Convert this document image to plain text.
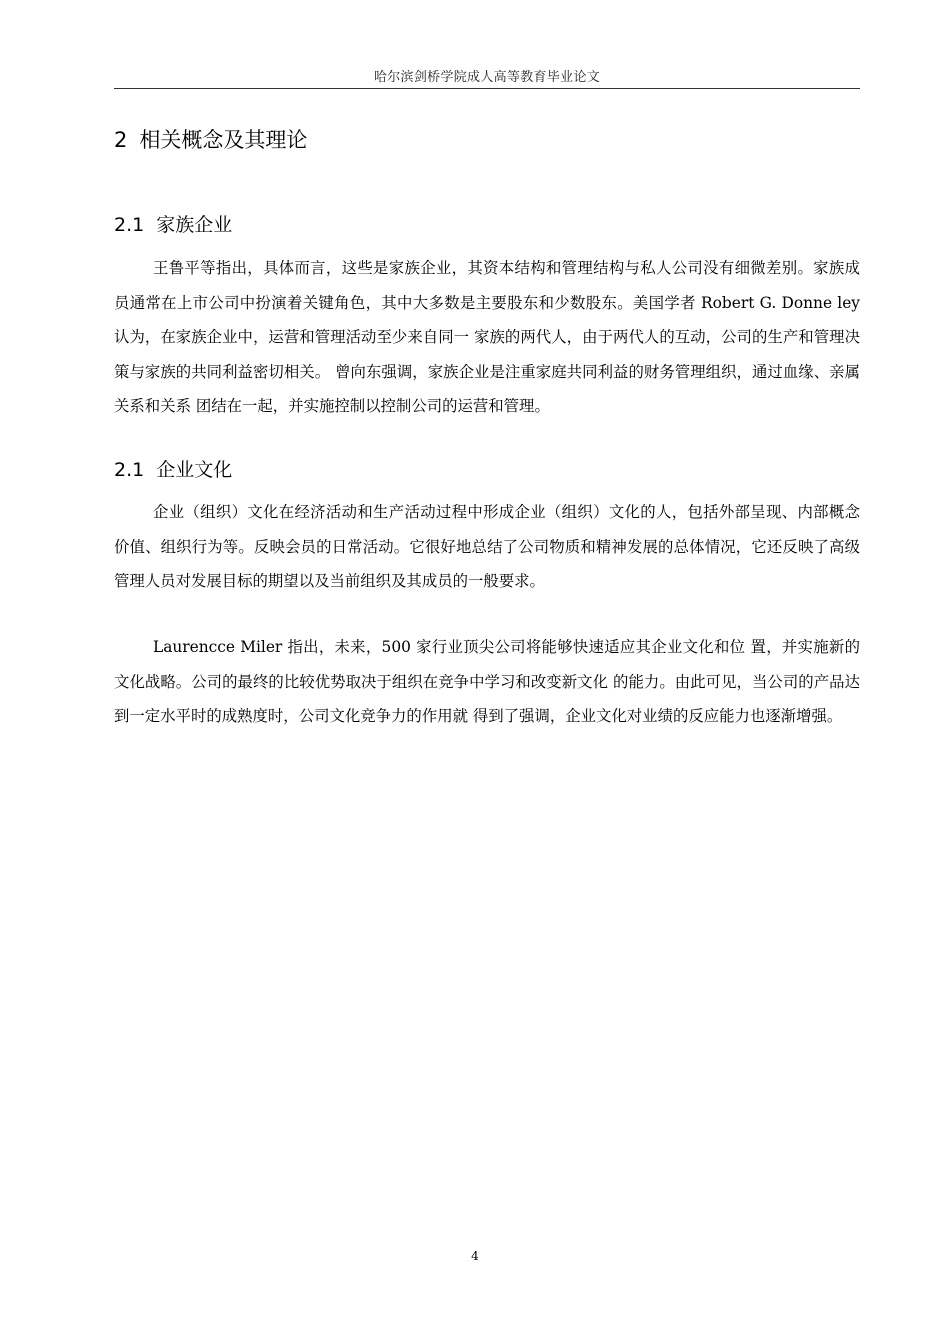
哈尔滨剑桥学院成人高等教育毕业论文
2 相关概念及其理论
2.1 家族企业

王鲁平等指出，具体而言，这些是家族企业，其资本结构和管理结构与私人公司没有细微差别。家族成员通常在上市公司中扮演着关键角色，其中大多数是主要股东和少数股东。美国学者 Robert G. Donne ley 认为，在家族企业中，运营和管理活动至少来自同一 家族的两代人，由于两代人的互动，公司的生产和管理决策与家族的共同利益密切相关。 曾向东强调，家族企业是注重家庭共同利益的财务管理组织，通过血缘、亲属关系和关系 团结在一起，并实施控制以控制公司的运营和管理。

2.1 企业文化

企业（组织）文化在经济活动和生产活动过程中形成企业（组织）文化的人，包括外部呈现、内部概念价值、组织行为等。反映会员的日常活动。它很好地总结了公司物质和精神发展的总体情况，它还反映了高级管理人员对发展目标的期望以及当前组织及其成员的一般要求。

Laurencce Miler 指出，未来，500 家行业顶尖公司将能够快速适应其企业文化和位 置，并实施新的文化战略。公司的最终的比较优势取决于组织在竞争中学习和改变新文化 的能力。由此可见，当公司的产品达到一定水平时的成熟度时，公司文化竞争力的作用就 得到了强调，企业文化对业绩的反应能力也逐渐增强。

4
